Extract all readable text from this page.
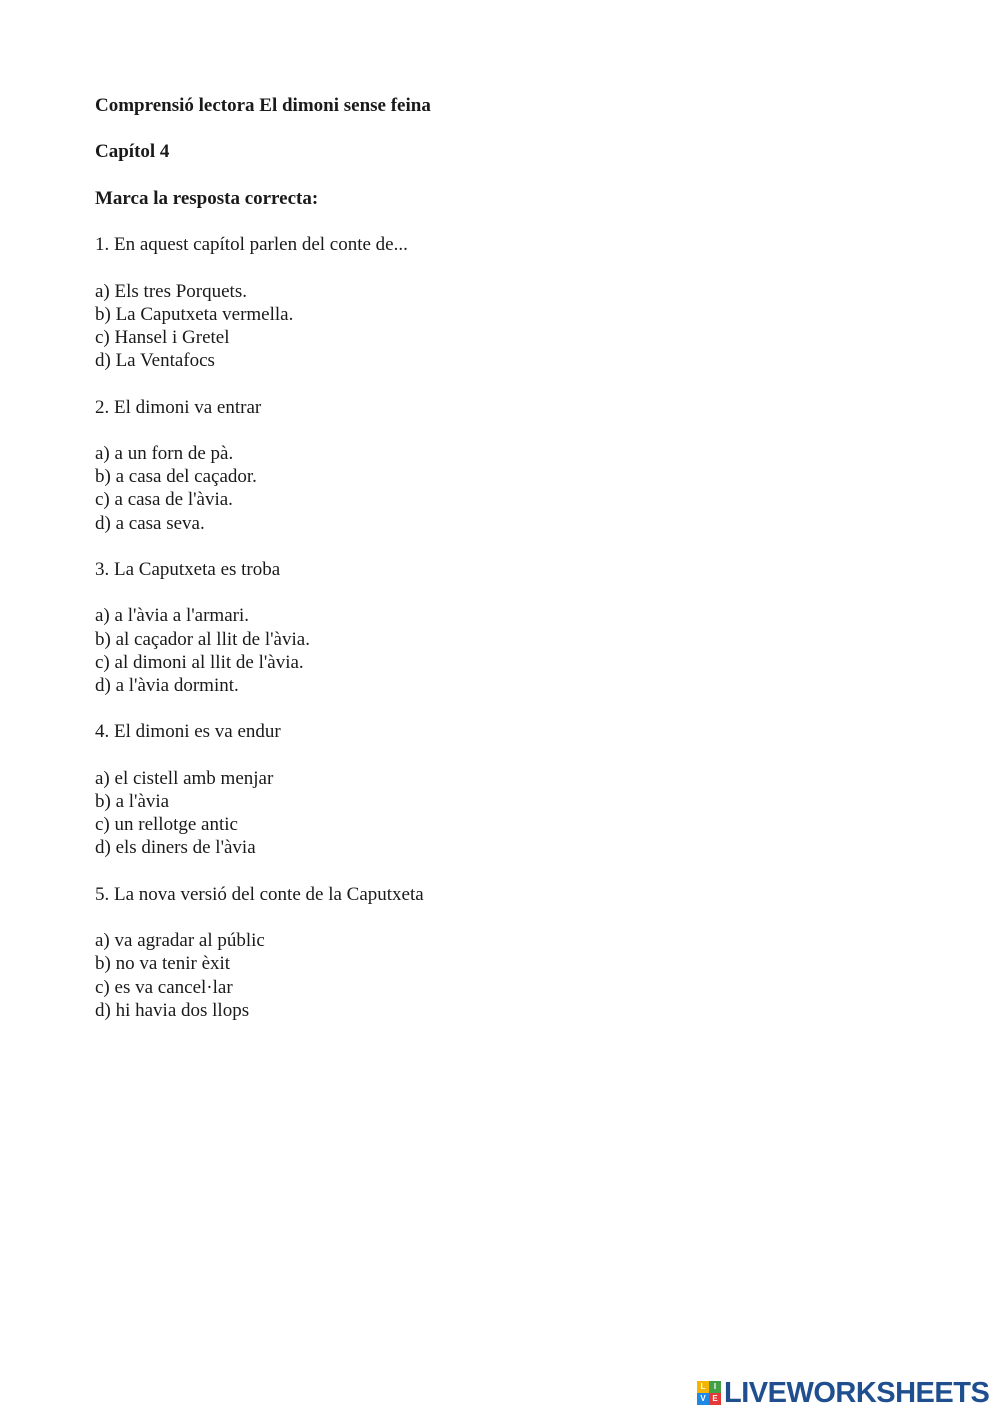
Comprensió lectora El dimoni sense feina

Capítol 4

Marca la resposta correcta:

1. En aquest capítol parlen del conte de...

a) Els tres Porquets.
b) La Caputxeta vermella.
c) Hansel i Gretel
d) La Ventafocs

2. El dimoni va entrar

a) a un forn de pà.
b) a casa del caçador.
c) a casa de l'àvia.
d) a casa seva.

3. La Caputxeta es troba

a) a l'àvia a l'armari.
b) al caçador al llit de l'àvia.
c) al dimoni al llit de l'àvia.
d) a l'àvia dormint.

4. El dimoni es va endur

a) el cistell amb menjar
b) a l'àvia
c) un rellotge antic
d) els diners de l'àvia

5. La nova versió del conte de la Caputxeta

a) va agradar al públic
b) no va tenir èxit
c) es va cancel·lar
d) hi havia dos llops
L	I
V E LIVEWORKSHEETS
